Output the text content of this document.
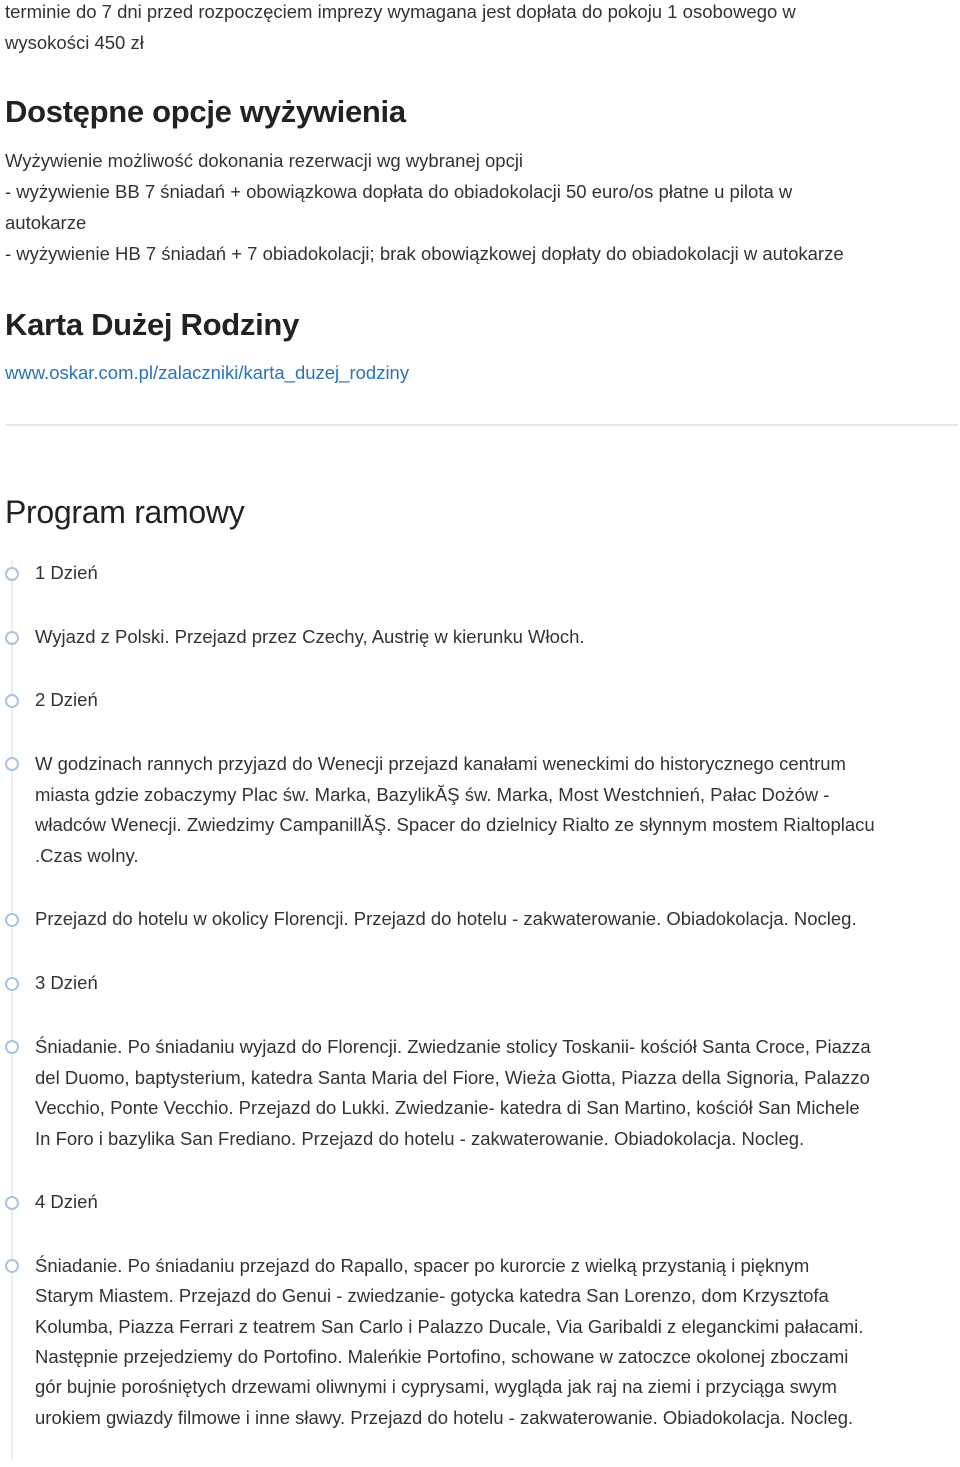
terminie do 7 dni przed rozpoczęciem imprezy wymagana jest dopłata do pokoju 1 osobowego w

wysokości 450 zł

Dostępne opcje wyżywienia

Wyżywienie możliwość dokonania rezerwacji wg wybranej opcji

- wyżywienie BB 7 śniadań + obowiązkowa dopłata do obiadokolacji 50 euro/os płatne u pilota w

autokarze

- wyżywienie HB 7 śniadań + 7 obiadokolacji; brak obowiązkowej dopłaty do obiadokolacji w autokarze

Karta Dużej Rodziny

www.oskar.com.pl/zalaczniki/karta_duzej_rodziny

Program ramowy

1 Dzień

Wyjazd z Polski. Przejazd przez Czechy, Austrię w kierunku Włoch.

2 Dzień

W godzinach rannych przyjazd do Wenecji przejazd kanałami weneckimi do historycznego centrum

miasta gdzie zobaczymy Plac św. Marka, BazylikĂŞ św. Marka, Most Westchnień, Pałac Dożów -

władców Wenecji. Zwiedzimy CampanillĂŞ. Spacer do dzielnicy Rialto ze słynnym mostem Rialtoplacu

.Czas wolny.

Przejazd do hotelu w okolicy Florencji. Przejazd do hotelu - zakwaterowanie. Obiadokolacja. Nocleg.

3 Dzień

Śniadanie. Po śniadaniu wyjazd do Florencji. Zwiedzanie stolicy Toskanii- kościół Santa Croce, Piazza

del Duomo, baptysterium, katedra Santa Maria del Fiore, Wieża Giotta, Piazza della Signoria, Palazzo

Vecchio, Ponte Vecchio. Przejazd do Lukki. Zwiedzanie- katedra di San Martino, kościół San Michele

In Foro i bazylika San Frediano. Przejazd do hotelu - zakwaterowanie. Obiadokolacja. Nocleg.

4 Dzień

Śniadanie. Po śniadaniu przejazd do Rapallo, spacer po kurorcie z wielką przystanią i pięknym

Starym Miastem. Przejazd do Genui - zwiedzanie- gotycka katedra San Lorenzo, dom Krzysztofa

Kolumba, Piazza Ferrari z teatrem San Carlo i Palazzo Ducale, Via Garibaldi z eleganckimi pałacami.

Następnie przejedziemy do Portofino. Maleńkie Portofino, schowane w zatoczce okolonej zboczami

gór bujnie porośniętych drzewami oliwnymi i cyprysami, wygląda jak raj na ziemi i przyciąga swym

urokiem gwiazdy filmowe i inne sławy. Przejazd do hotelu - zakwaterowanie. Obiadokolacja. Nocleg.
